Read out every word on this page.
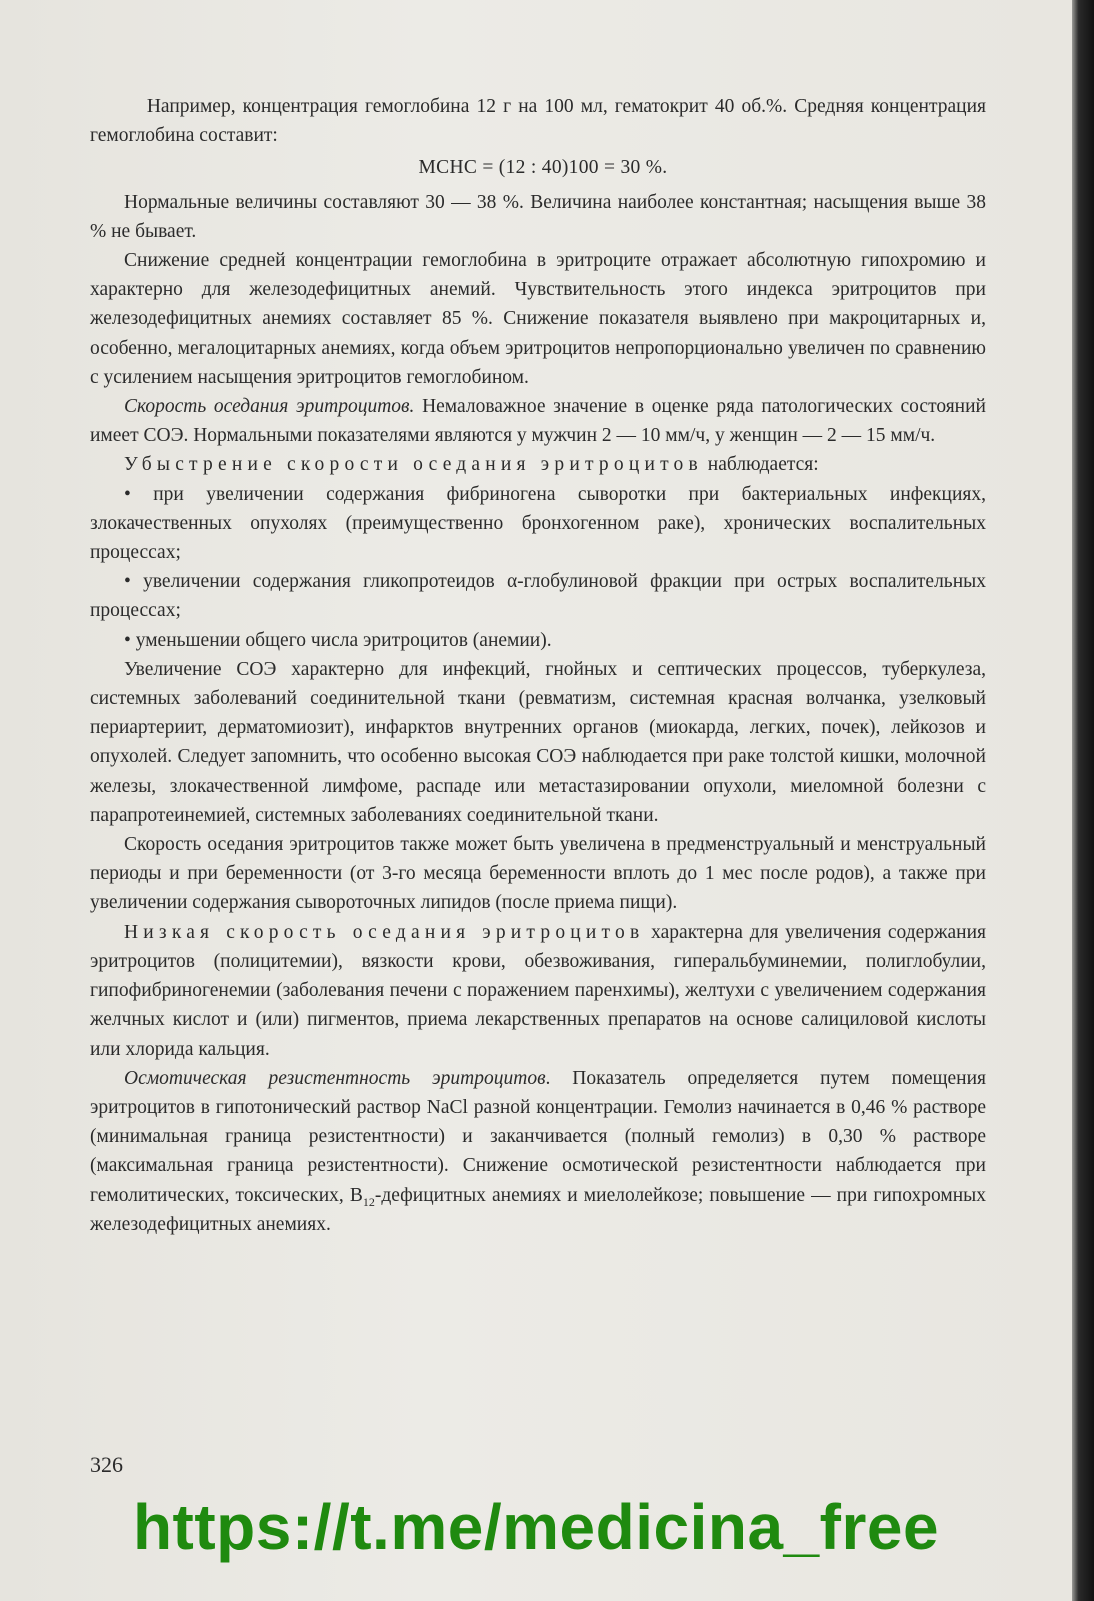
Например, концентрация гемоглобина 12 г на 100 мл, гематокрит 40 об.%. Средняя концентрация гемоглобина составит:

MCHC = (12 : 40)100 = 30 %.

Нормальные величины составляют 30 — 38 %. Величина наиболее константная; насыщения выше 38 % не бывает.

Снижение средней концентрации гемоглобина в эритроците отражает абсолютную гипохромию и характерно для железодефицитных анемий. Чувствительность этого индекса эритроцитов при железодефицитных анемиях составляет 85 %. Снижение показателя выявлено при макроцитарных и, особенно, мегалоцитарных анемиях, когда объем эритроцитов непропорционально увеличен по сравнению с усилением насыщения эритроцитов гемоглобином.

Скорость оседания эритроцитов. Немаловажное значение в оценке ряда патологических состояний имеет СОЭ. Нормальными показателями являются у мужчин 2 — 10 мм/ч, у женщин — 2 — 15 мм/ч.

Убыстрение скорости оседания эритроцитов наблюдается:

• при увеличении содержания фибриногена сыворотки при бактериальных инфекциях, злокачественных опухолях (преимущественно бронхогенном раке), хронических воспалительных процессах;

• увеличении содержания гликопротеидов α-глобулиновой фракции при острых воспалительных процессах;

• уменьшении общего числа эритроцитов (анемии).

Увеличение СОЭ характерно для инфекций, гнойных и септических процессов, туберкулеза, системных заболеваний соединительной ткани (ревматизм, системная красная волчанка, узелковый периартериит, дерматомиозит), инфарктов внутренних органов (миокарда, легких, почек), лейкозов и опухолей. Следует запомнить, что особенно высокая СОЭ наблюдается при раке толстой кишки, молочной железы, злокачественной лимфоме, распаде или метастазировании опухоли, миеломной болезни с парапротеинемией, системных заболеваниях соединительной ткани.

Скорость оседания эритроцитов также может быть увеличена в предменструальный и менструальный периоды и при беременности (от 3-го месяца беременности вплоть до 1 мес после родов), а также при увеличении содержания сывороточных липидов (после приема пищи).

Низкая скорость оседания эритроцитов характерна для увеличения содержания эритроцитов (полицитемии), вязкости крови, обезвоживания, гиперальбуминемии, полиглобулии, гипофибриногенемии (заболевания печени с поражением паренхимы), желтухи с увеличением содержания желчных кислот и (или) пигментов, приема лекарственных препаратов на основе салициловой кислоты или хлорида кальция.

Осмотическая резистентность эритроцитов. Показатель определяется путем помещения эритроцитов в гипотонический раствор NaCl разной концентрации. Гемолиз начинается в 0,46 % растворе (минимальная граница резистентности) и заканчивается (полный гемолиз) в 0,30 % растворе (максимальная граница резистентности). Снижение осмотической резистентности наблюдается при гемолитических, токсических, $B_{12}$-дефицитных анемиях и миелолейкозе; повышение — при гипохромных железодефицитных анемиях.

326
https://t.me/medicina_free
